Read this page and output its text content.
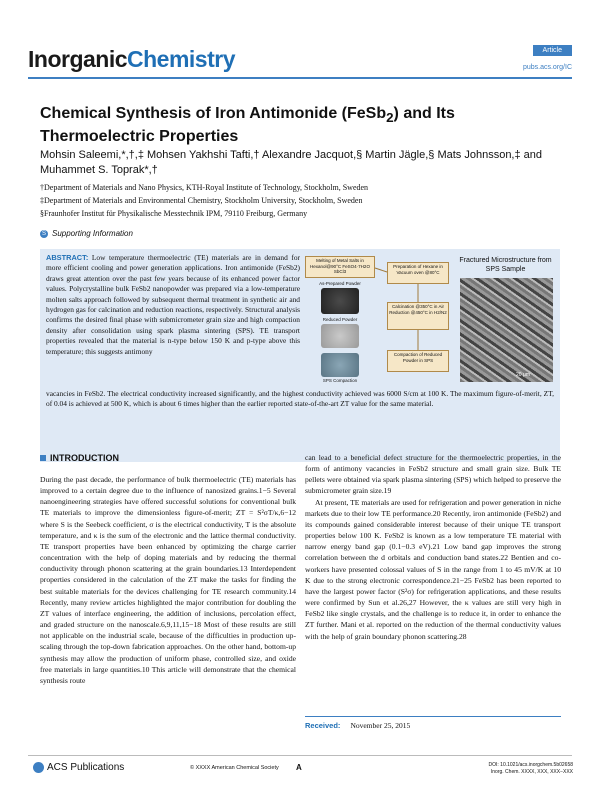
InorganicChemistry	Article
pubs.acs.org/IC
Chemical Synthesis of Iron Antimonide (FeSb$_2$) and Its Thermoelectric Properties
Mohsin Saleemi,*,†,‡ Mohsen Yakhshi Tafti,† Alexandre Jacquot,§ Martin Jägle,§ Mats Johnsson,‡ and Muhammet S. Toprak*,†
†Department of Materials and Nano Physics, KTH-Royal Institute of Technology, Stockholm, Sweden
‡Department of Materials and Environmental Chemistry, Stockholm University, Stockholm, Sweden
§Fraunhofer Institut für Physikalische Messtechnik IPM, 79110 Freiburg, Germany
S Supporting Information
ABSTRACT: Low temperature thermoelectric (TE) materials are in demand for more efficient cooling and power generation applications. Iron antimonide (FeSb2) draws great attention over the past few years because of its enhanced power factor values. Polycrystalline bulk FeSb2 nanopowder was prepared via a low-temperature molten salts approach followed by subsequent thermal treatment in synthetic air and hydrogen gas for calcination and reduction reactions, respectively. Structural analysis confirms the desired final phase with submicrometer grain size and high compaction density after consolidation using spark plasma sintering (SPS). TE transport properties revealed that the material is n-type below 150 K and p-type above this temperature; this suggests antimony
vacancies in FeSb2. The electrical conductivity increased significantly, and the highest conductivity achieved was 6000 S/cm at 100 K. The maximum figure-of-merit, ZT, of 0.04 is achieved at 500 K, which is about 6 times higher than the earlier reported state-of-the-art ZT value for the same material.
Melting of Metal Salts in Hexanol@90°C FeSO4·7H2O SbCl3
As-Prepared Powder
Reduced Powder
SPS Compaction
Preparation of Hexane in Vacuum oven @80°C
Calcination @350°C in Air Reduction @450°C in H2/N2
Compaction of Reduced Powder in SPS
Fractured Microstructure from SPS Sample
20 μm
INTRODUCTION

During the past decade, the performance of bulk thermoelectric (TE) materials has improved to a certain degree due to the influence of nanosized grains.1−5 Several nanoengineering strategies have offered successful solutions for conventional bulk TE materials to improve the dimensionless figure-of-merit; ZT = S²σT/κ,6−12 where S is the Seebeck coefficient, σ is the electrical conductivity, T is the absolute temperature, and κ is the sum of the electronic and the lattice thermal conductivity. TE transport properties have been enhanced by optimizing the charge carrier concentration with the help of doping materials and by reducing the thermal conductivity through phonon scattering at the grain boundaries.13 Interdependent properties considered in the calculation of the ZT make the tasks for finding the best suitable materials for the devices challenging for TE research community.14 Recently, many review articles highlighted the major contribution for doubling the ZT values of interface engineering, the addition of inclusions, percolation effect, and graded structure on the nanoscale.6,9,11,15−18 Most of these results are still not applicable on the industrial scale, because of the difficulties in production up-scaling through the top-down fabrication approaches. On the other hand, bottom-up synthesis may allow the production of uniform phase, controlled size, and oxide free materials in large quantities.10 This article will demonstrate that the chemical synthesis route

can lead to a beneficial defect structure for the thermoelectric properties, in the form of antimony vacancies in FeSb2 structure and small grain size. Bulk TE pellets were obtained via spark plasma sintering (SPS) which helped to preserve the submicrometer grain size.19

At present, TE materials are used for refrigeration and power generation in niche markets due to their low TE performance.20 Recently, iron antimonide (FeSb2) and its compounds gained considerable interest because of their unique TE transport properties below 100 K. FeSb2 is known as a low temperature TE material with narrow energy band gap (0.1−0.3 eV).21 Low band gap improves the strong correlation between the d orbitals and conduction band states.22 Bentien and co-workers have presented colossal values of S in the range from 1 to 45 mV/K at 10 K due to the strong electronic correspondence.21−25 FeSb2 has been reported to have the largest power factor (S²σ) for refrigeration applications, and these results were confirmed by Sun et al.26,27 However, the κ values are still very high in FeSb2 like single crystals, and the challenge is to reduce it, in order to enhance the ZT further. Mani et al. reported on the reduction of the thermal conductivity values with the help of grain boundary phonon scattering.28

Received: November 25, 2015
ACS Publications	© XXXX American Chemical Society A	DOI: 10.1021/acs.inorgchem.5b02658
Inorg. Chem. XXXX, XXX, XXX−XXX
